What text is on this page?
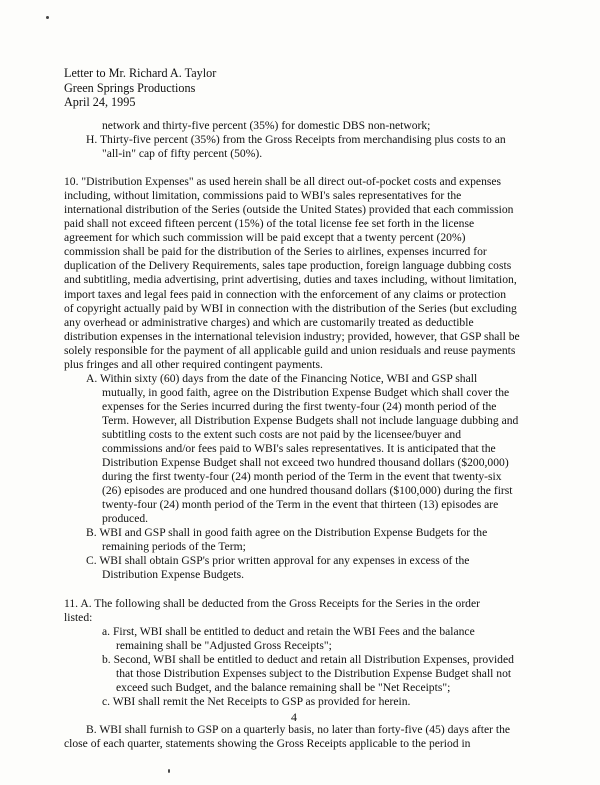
Letter to Mr. Richard A. Taylor
Green Springs Productions
April 24, 1995
network and thirty-five percent (35%) for domestic DBS non-network;
H. Thirty-five percent (35%) from the Gross Receipts from merchandising plus costs to an
"all-in" cap of fifty percent (50%).
10. "Distribution Expenses" as used herein shall be all direct out-of-pocket costs and expenses
including, without limitation, commissions paid to WBI's sales representatives for the
international distribution of the Series (outside the United States) provided that each commission
paid shall not exceed fifteen percent (15%) of the total license fee set forth in the license
agreement for which such commission will be paid except that a twenty percent (20%)
commission shall be paid for the distribution of the Series to airlines, expenses incurred for
duplication of the Delivery Requirements, sales tape production, foreign language dubbing costs
and subtitling, media advertising, print advertising, duties and taxes including, without limitation,
import taxes and legal fees paid in connection with the enforcement of any claims or protection
of copyright actually paid by WBI in connection with the distribution of the Series (but excluding
any overhead or administrative charges) and which are customarily treated as deductible
distribution expenses in the international television industry; provided, however, that GSP shall be
solely responsible for the payment of all applicable guild and union residuals and reuse payments
plus fringes and all other required contingent payments.
A. Within sixty (60) days from the date of the Financing Notice, WBI and GSP shall
mutually, in good faith, agree on the Distribution Expense Budget which shall cover the
expenses for the Series incurred during the first twenty-four (24) month period of the
Term. However, all Distribution Expense Budgets shall not include language dubbing and
subtitling costs to the extent such costs are not paid by the licensee/buyer and
commissions and/or fees paid to WBI's sales representatives. It is anticipated that the
Distribution Expense Budget shall not exceed two hundred thousand dollars ($200,000)
during the first twenty-four (24) month period of the Term in the event that twenty-six
(26) episodes are produced and one hundred thousand dollars ($100,000) during the first
twenty-four (24) month period of the Term in the event that thirteen (13) episodes are
produced.
B. WBI and GSP shall in good faith agree on the Distribution Expense Budgets for the
remaining periods of the Term;
C. WBI shall obtain GSP's prior written approval for any expenses in excess of the
Distribution Expense Budgets.
11. A. The following shall be deducted from the Gross Receipts for the Series in the order
listed:
a. First, WBI shall be entitled to deduct and retain the WBI Fees and the balance
remaining shall be "Adjusted Gross Receipts";
b. Second, WBI shall be entitled to deduct and retain all Distribution Expenses, provided
that those Distribution Expenses subject to the Distribution Expense Budget shall not
exceed such Budget, and the balance remaining shall be "Net Receipts";
c. WBI shall remit the Net Receipts to GSP as provided for herein.
B. WBI shall furnish to GSP on a quarterly basis, no later than forty-five (45) days after the
close of each quarter, statements showing the Gross Receipts applicable to the period in
4
